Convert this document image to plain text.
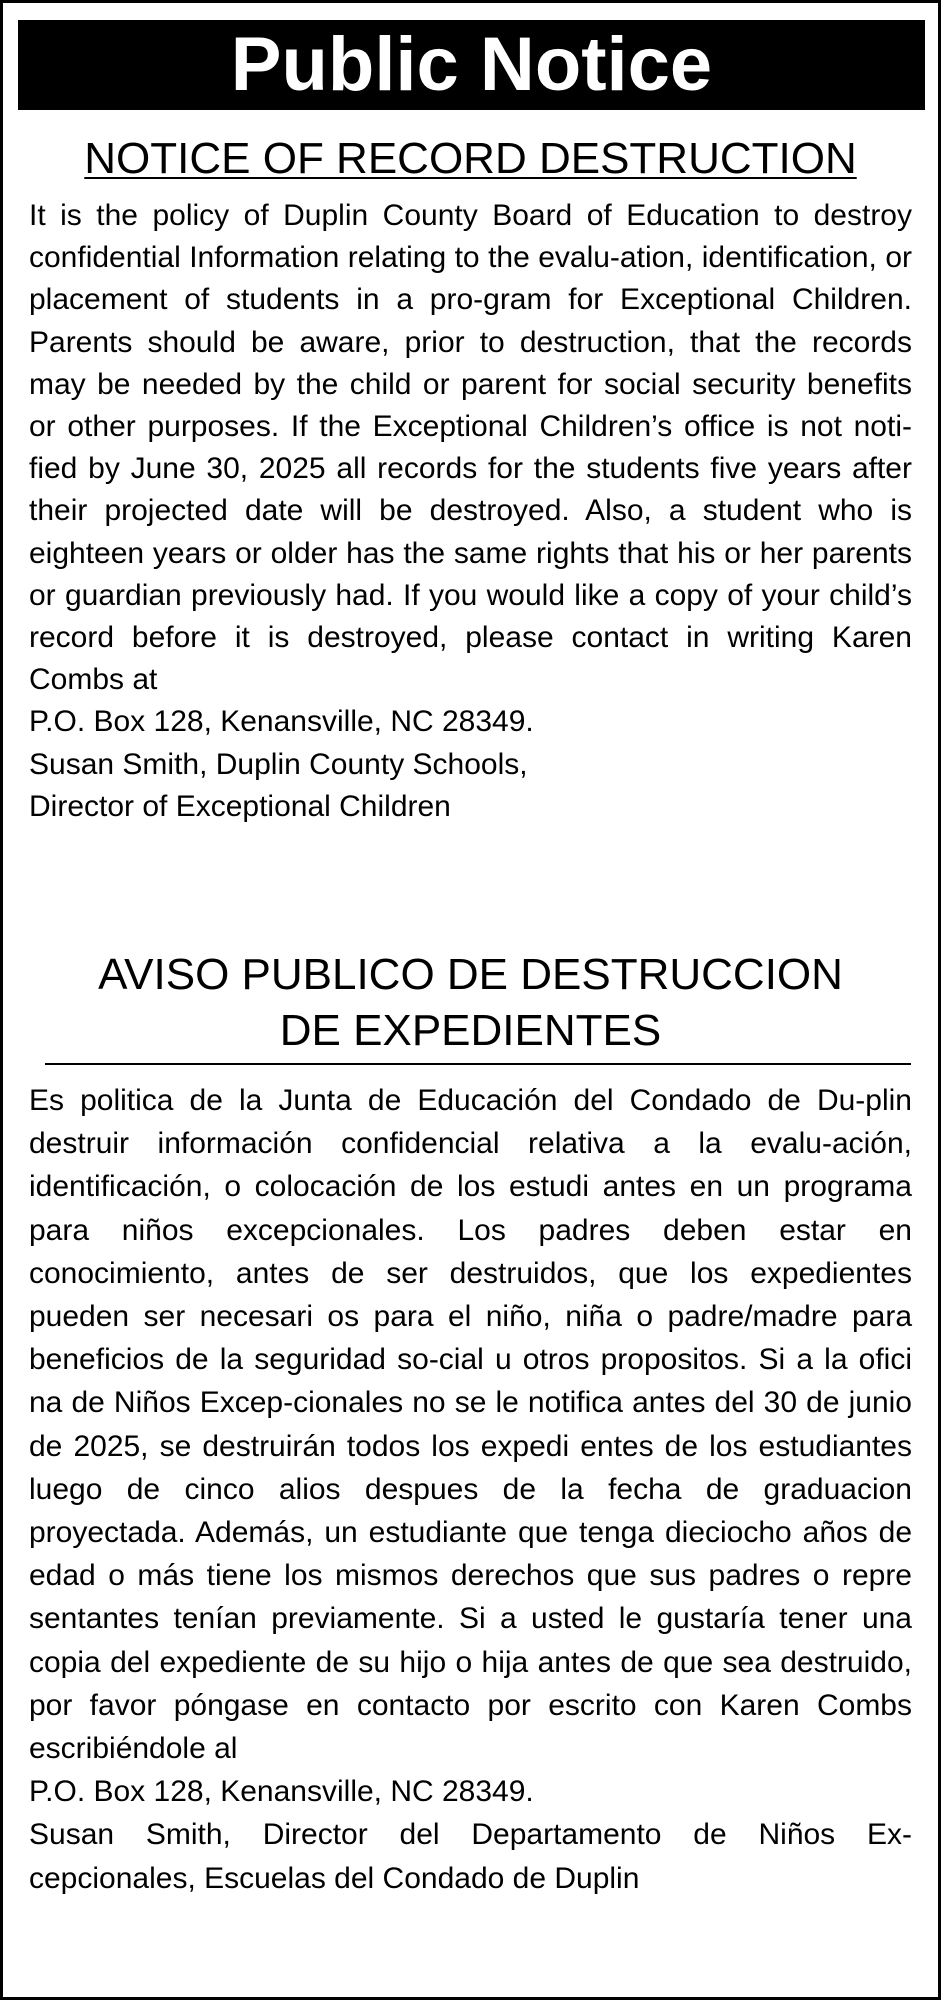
Public Notice
NOTICE OF RECORD DESTRUCTION

It is the policy of Duplin County Board of Education to destroy confidential Information relating to the evalu-ation, identification, or placement of students in a pro-gram for Exceptional Children. Parents should be aware, prior to destruction, that the records may be needed by the child or parent for social security benefits or other purposes. If the Exceptional Children’s office is not noti-fied by June 30, 2025 all records for the students five years after their projected date will be destroyed. Also, a student who is eighteen years or older has the same rights that his or her parents or guardian previously had. If you would like a copy of your child’s record before it is destroyed, please contact in writing Karen Combs at

P.O. Box 128, Kenansville, NC 28349.

Susan Smith, Duplin County Schools,

Director of Exceptional Children

AVISO PUBLICO DE DESTRUCCION
DE EXPEDIENTES

Es politica de la Junta de Educación del Condado de Du-plin destruir información confidencial relativa a la evalu-ación, identificación, o colocación de los estudi antes en un programa para niños excepcionales. Los padres deben estar en conocimiento, antes de ser destruidos, que los expedientes pueden ser necesari os para el niño, niña o padre/madre para beneficios de la seguridad so-cial u otros propositos. Si a la ofici na de Niños Excep-cionales no se le notifica antes del 30 de junio de 2025, se destruirán todos los expedi entes de los estudiantes luego de cinco alios despues de la fecha de graduacion proyectada. Además, un estudiante que tenga dieciocho años de edad o más tiene los mismos derechos que sus padres o repre sentantes tenían previamente. Si a usted le gustaría tener una copia del expediente de su hijo o hija antes de que sea destruido, por favor póngase en contacto por escrito con Karen Combs escribiéndole al

P.O. Box 128, Kenansville, NC 28349.

Susan Smith, Director del Departamento de Niños Ex-cepcionales, Escuelas del Condado de Duplin
